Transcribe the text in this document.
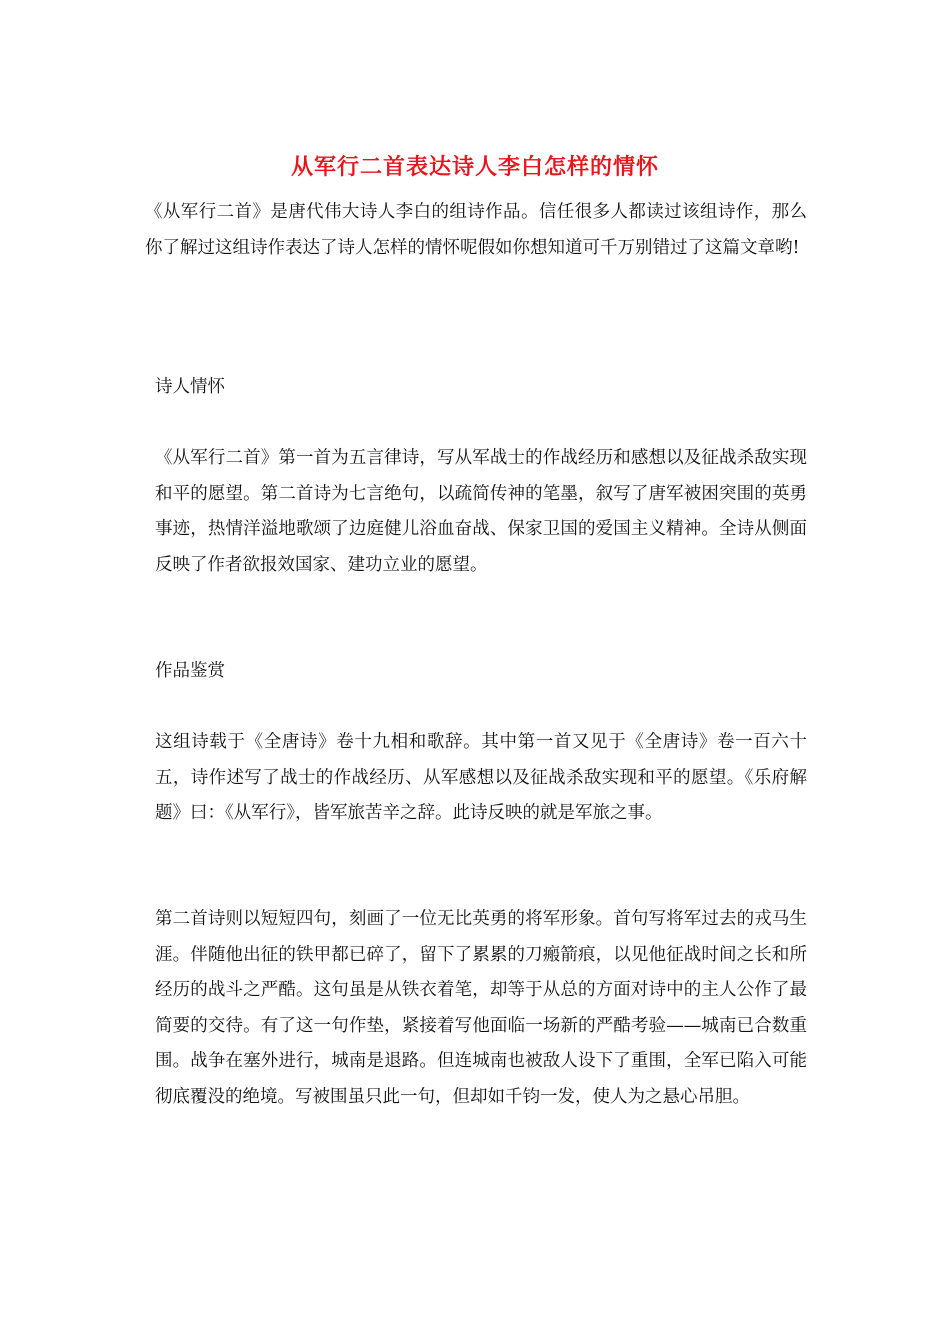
从军行二首表达诗人李白怎样的情怀

《从军行二首》是唐代伟大诗人李白的组诗作品。信任很多人都读过该组诗作，那么你了解过这组诗作表达了诗人怎样的情怀呢假如你想知道可千万别错过了这篇文章哟!

诗人情怀

《从军行二首》第一首为五言律诗，写从军战士的作战经历和感想以及征战杀敌实现和平的愿望。第二首诗为七言绝句，以疏简传神的笔墨，叙写了唐军被困突围的英勇事迹，热情洋溢地歌颂了边庭健儿浴血奋战、保家卫国的爱国主义精神。全诗从侧面反映了作者欲报效国家、建功立业的愿望。

作品鉴赏

这组诗载于《全唐诗》卷十九相和歌辞。其中第一首又见于《全唐诗》卷一百六十五，诗作述写了战士的作战经历、从军感想以及征战杀敌实现和平的愿望。《乐府解题》曰：《从军行》，皆军旅苦辛之辞。此诗反映的就是军旅之事。

第二首诗则以短短四句，刻画了一位无比英勇的将军形象。首句写将军过去的戎马生涯。伴随他出征的铁甲都已碎了，留下了累累的刀瘢箭痕，以见他征战时间之长和所经历的战斗之严酷。这句虽是从铁衣着笔，却等于从总的方面对诗中的主人公作了最简要的交待。有了这一句作垫，紧接着写他面临一场新的严酷考验——城南已合数重围。战争在塞外进行，城南是退路。但连城南也被敌人设下了重围，全军已陷入可能彻底覆没的绝境。写被围虽只此一句，但却如千钧一发，使人为之悬心吊胆。
